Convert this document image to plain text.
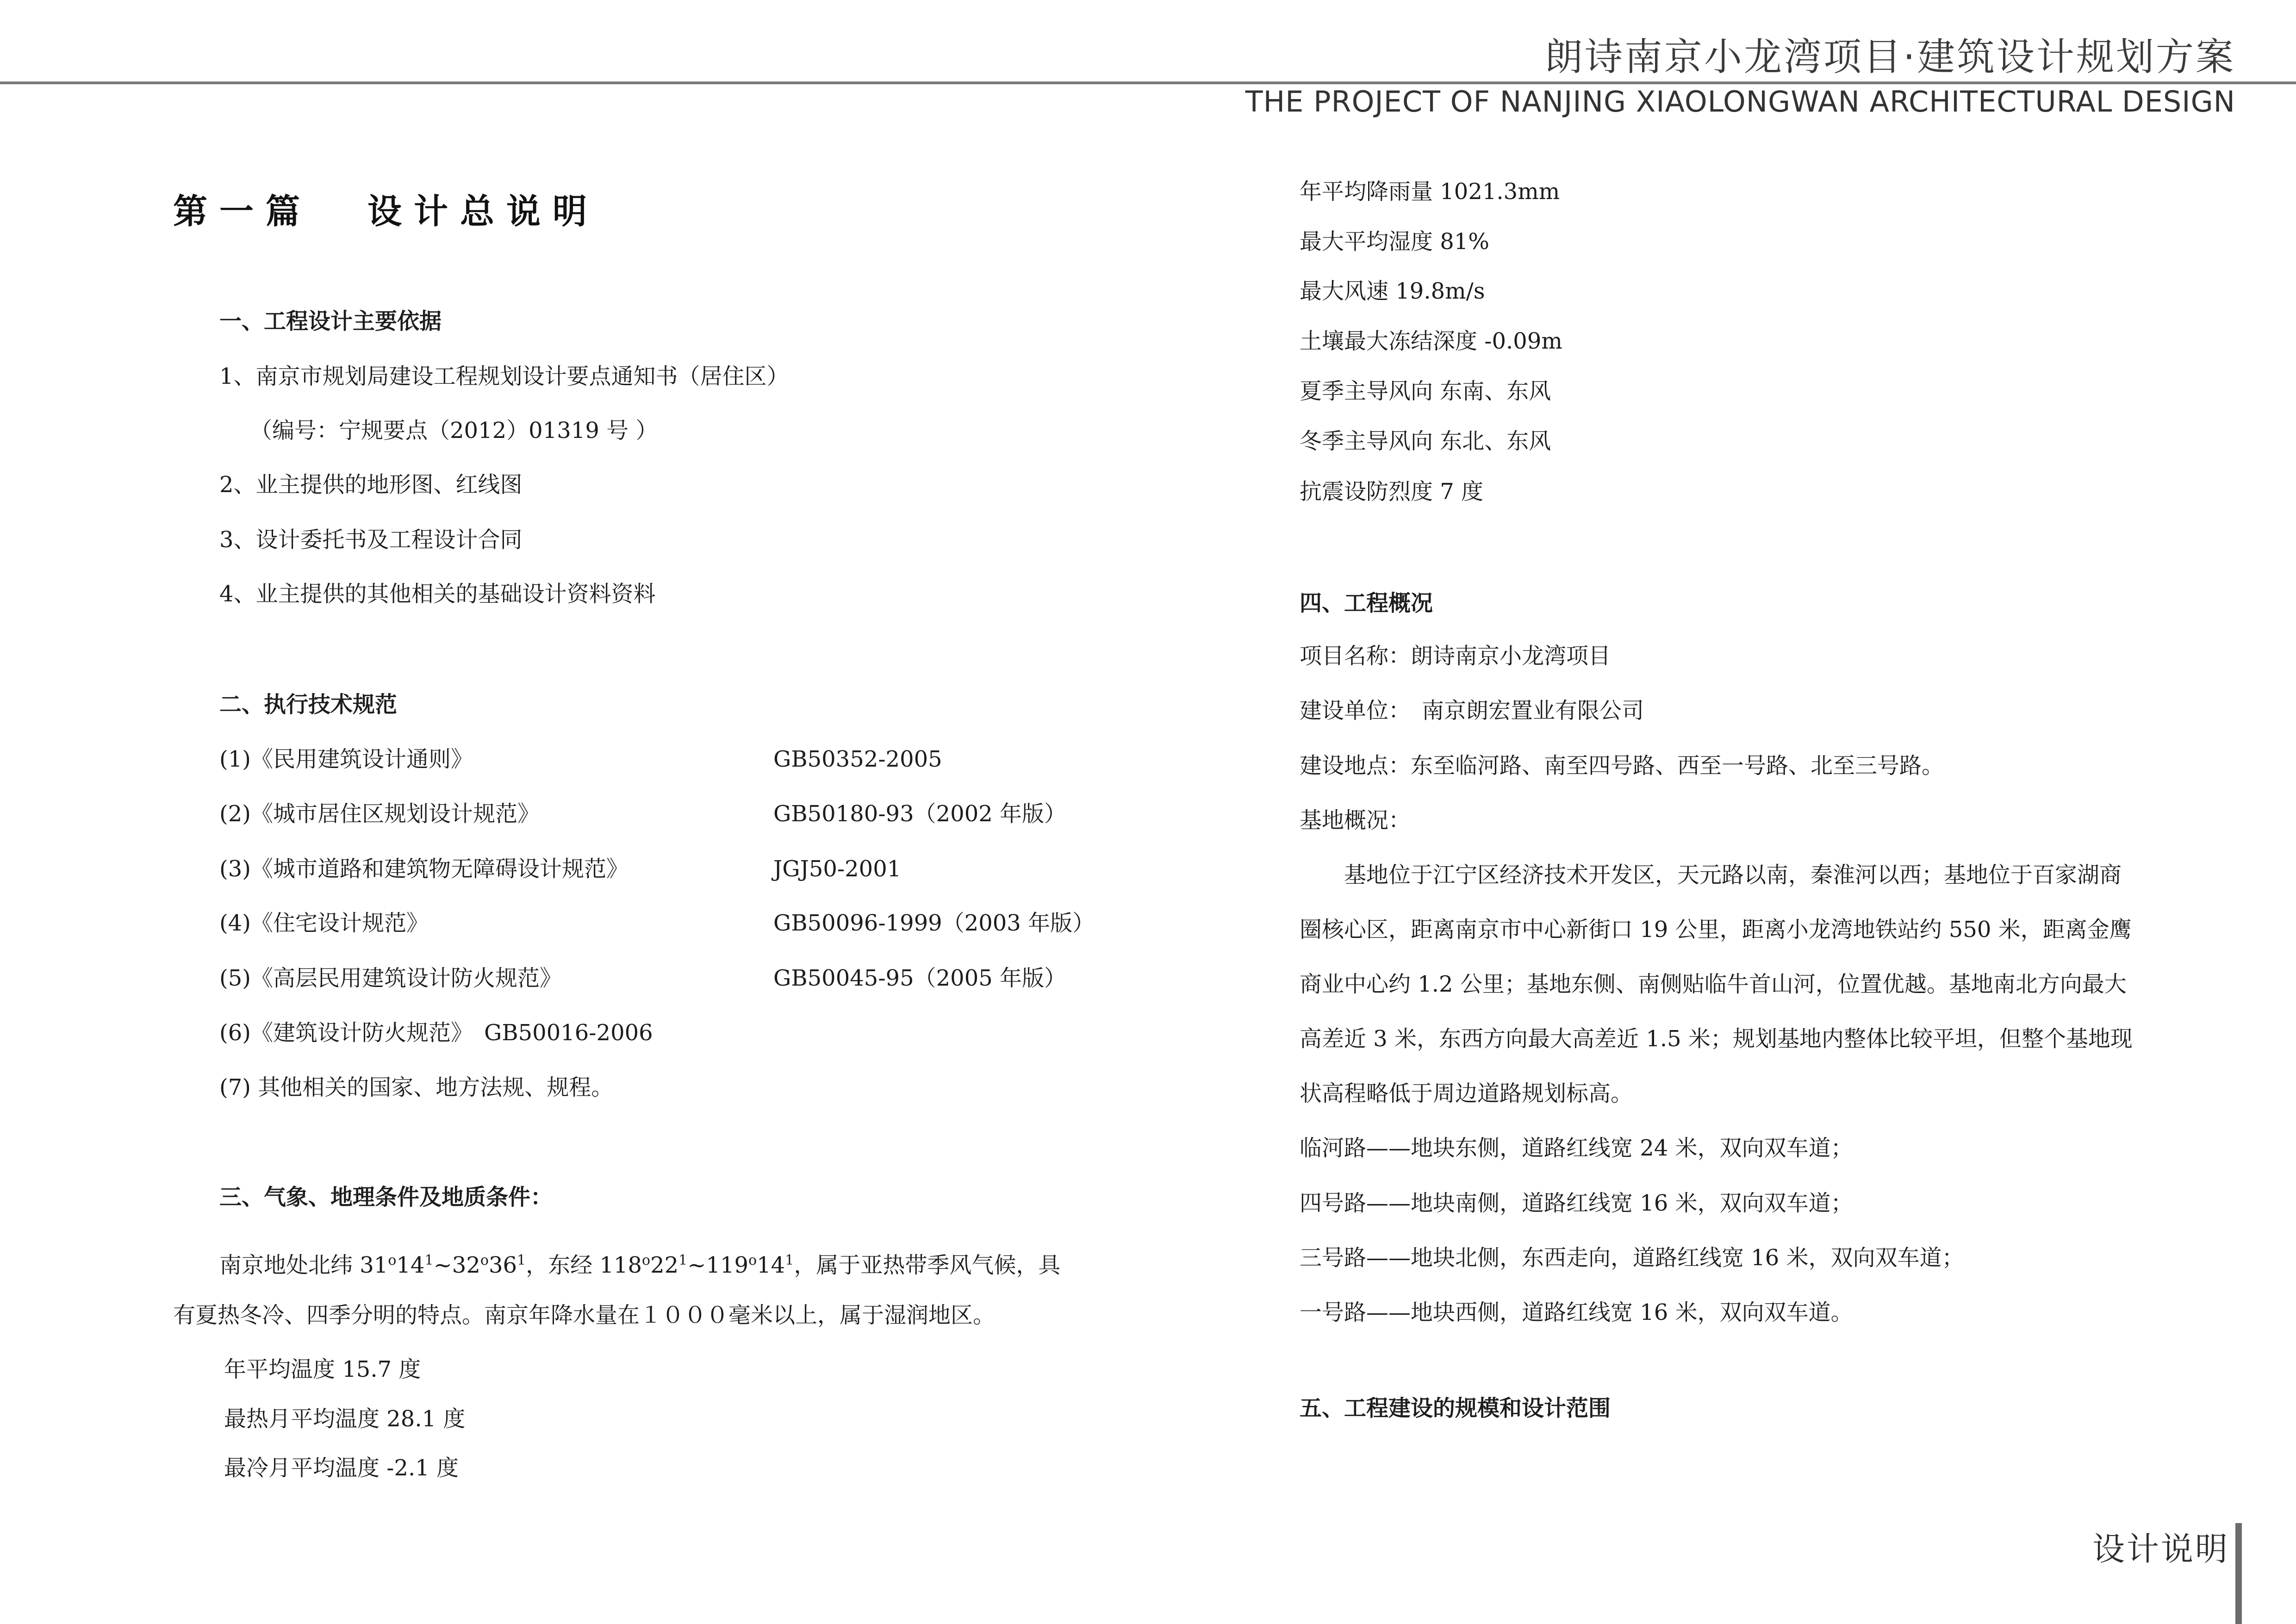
朗诗南京小龙湾项目·建筑设计规划方案
THE PROJECT OF NANJING XIAOLONGWAN ARCHITECTURAL DESIGN
第一篇 设计总说明
一、工程设计主要依据
1、南京市规划局建设工程规划设计要点通知书（居住区）
（编号：宁规要点（2012）01319 号 ）
2、业主提供的地形图、红线图
3、设计委托书及工程设计合同
4、业主提供的其他相关的基础设计资料资料
二、执行技术规范
(1)《民用建筑设计通则》	GB50352-2005
(2)《城市居住区规划设计规范》	GB50180-93（2002 年版）
(3)《城市道路和建筑物无障碍设计规范》	JGJ50-2001
(4)《住宅设计规范》	GB50096-1999（2003 年版）
(5)《高层民用建筑设计防火规范》	GB50045-95（2005 年版）
(6)《建筑设计防火规范》　GB50016-2006
(7) 其他相关的国家、地方法规、规程。
三、气象、地理条件及地质条件：
南京地处北纬 $31^o14^1\sim 32^o36^1$，东经 $118^o22^1\sim 119^o14^1$，属于亚热带季风气候，具
有夏热冬冷、四季分明的特点。南京年降水量在１０００毫米以上，属于湿润地区。
年平均温度 15.7 度
最热月平均温度 28.1 度
最冷月平均温度 -2.1 度
年平均降雨量 1021.3mm
最大平均湿度 81%
最大风速 19.8m/s
土壤最大冻结深度 -0.09m
夏季主导风向 东南、东风
冬季主导风向 东北、东风
抗震设防烈度 7 度
四、工程概况
项目名称：朗诗南京小龙湾项目
建设单位：　南京朗宏置业有限公司
建设地点：东至临河路、南至四号路、西至一号路、北至三号路。
基地概况：
　　基地位于江宁区经济技术开发区，天元路以南，秦淮河以西；基地位于百家湖商
圈核心区，距离南京市中心新街口 19 公里，距离小龙湾地铁站约 550 米，距离金鹰
商业中心约 1.2 公里；基地东侧、南侧贴临牛首山河，位置优越。基地南北方向最大
高差近 3 米，东西方向最大高差近 1.5 米；规划基地内整体比较平坦，但整个基地现
状高程略低于周边道路规划标高。
临河路——地块东侧，道路红线宽 24 米，双向双车道；
四号路——地块南侧，道路红线宽 16 米，双向双车道；
三号路——地块北侧，东西走向，道路红线宽 16 米，双向双车道；
一号路——地块西侧，道路红线宽 16 米，双向双车道。
五、工程建设的规模和设计范围
设计说明
